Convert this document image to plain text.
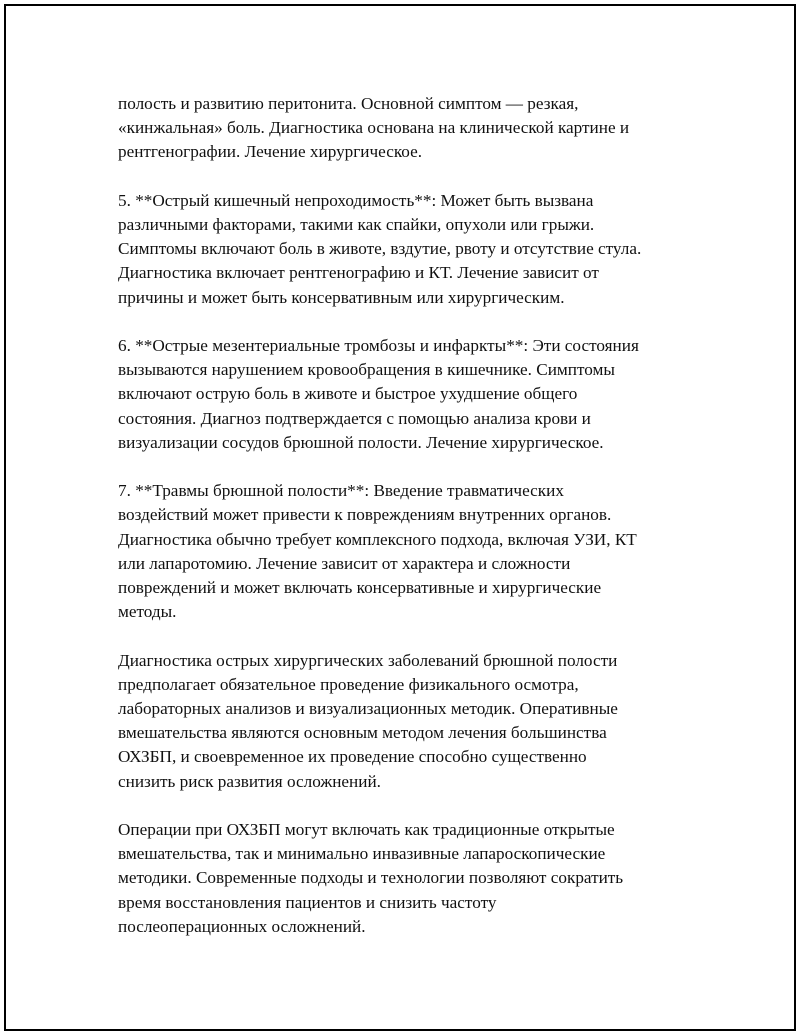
полость и развитию перитонита. Основной симптом — резкая,
«кинжальная» боль. Диагностика основана на клинической картине и
рентгенографии. Лечение хирургическое.

5. **Острый кишечный непроходимость**: Может быть вызвана
различными факторами, такими как спайки, опухоли или грыжи.
Симптомы включают боль в животе, вздутие, рвоту и отсутствие стула.
Диагностика включает рентгенографию и КТ. Лечение зависит от
причины и может быть консервативным или хирургическим.

6. **Острые мезентериальные тромбозы и инфаркты**: Эти состояния
вызываются нарушением кровообращения в кишечнике. Симптомы
включают острую боль в животе и быстрое ухудшение общего
состояния. Диагноз подтверждается с помощью анализа крови и
визуализации сосудов брюшной полости. Лечение хирургическое.

7. **Травмы брюшной полости**: Введение травматических
воздействий может привести к повреждениям внутренних органов.
Диагностика обычно требует комплексного подхода, включая УЗИ, КТ
или лапаротомию. Лечение зависит от характера и сложности
повреждений и может включать консервативные и хирургические
методы.

Диагностика острых хирургических заболеваний брюшной полости
предполагает обязательное проведение физикального осмотра,
лабораторных анализов и визуализационных методик. Оперативные
вмешательства являются основным методом лечения большинства
ОХЗБП, и своевременное их проведение способно существенно
снизить риск развития осложнений.

Операции при ОХЗБП могут включать как традиционные открытые
вмешательства, так и минимально инвазивные лапароскопические
методики. Современные подходы и технологии позволяют сократить
время восстановления пациентов и снизить частоту
послеоперационных осложнений.
